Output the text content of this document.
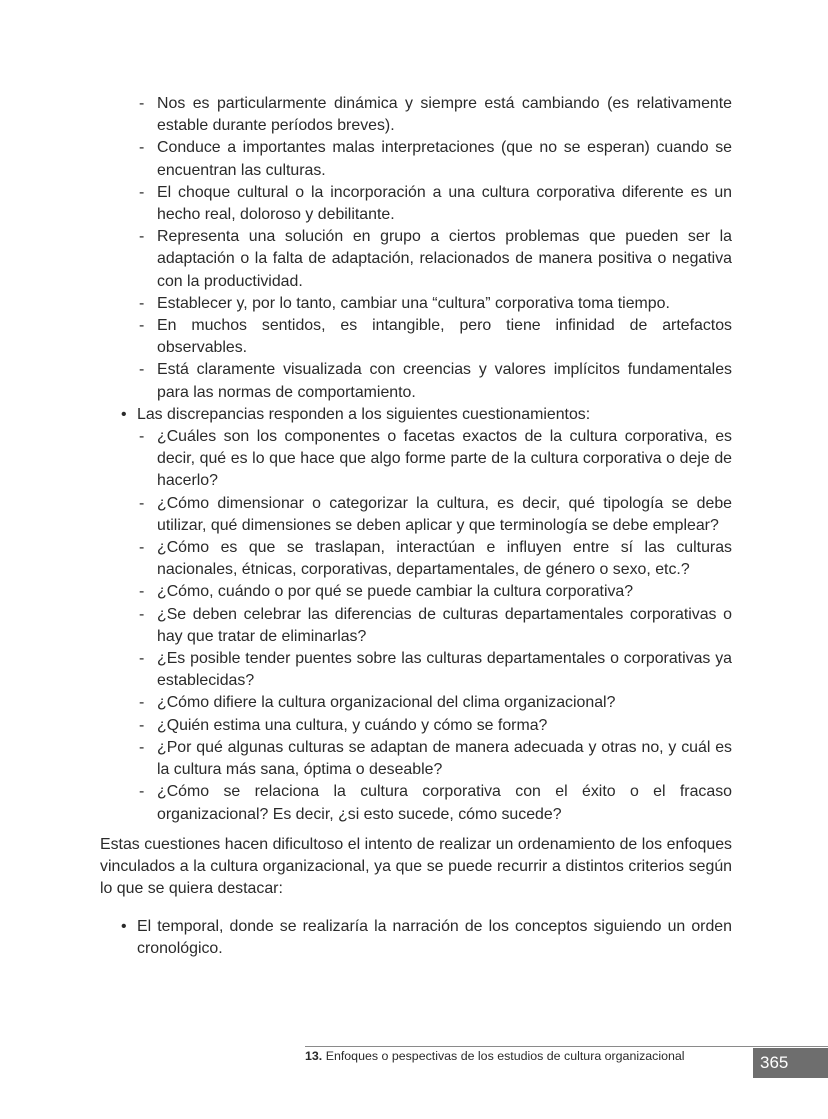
- Nos es particularmente dinámica y siempre está cambiando (es relativamente estable durante períodos breves).
- Conduce a importantes malas interpretaciones (que no se esperan) cuando se encuentran las culturas.
- El choque cultural o la incorporación a una cultura corporativa diferente es un hecho real, doloroso y debilitante.
- Representa una solución en grupo a ciertos problemas que pueden ser la adaptación o la falta de adaptación, relacionados de manera positiva o negativa con la productividad.
- Establecer y, por lo tanto, cambiar una “cultura” corporativa toma tiempo.
- En muchos sentidos, es intangible, pero tiene infinidad de artefactos observables.
- Está claramente visualizada con creencias y valores implícitos fundamentales para las normas de comportamiento.
• Las discrepancias responden a los siguientes cuestionamientos:
- ¿Cuáles son los componentes o facetas exactos de la cultura corporativa, es decir, qué es lo que hace que algo forme parte de la cultura corporativa o deje de hacerlo?
- ¿Cómo dimensionar o categorizar la cultura, es decir, qué tipología se debe utilizar, qué dimensiones se deben aplicar y que terminología se debe emplear?
- ¿Cómo es que se traslapan, interactúan e influyen entre sí las culturas nacionales, étnicas, corporativas, departamentales, de género o sexo, etc.?
- ¿Cómo, cuándo o por qué se puede cambiar la cultura corporativa?
- ¿Se deben celebrar las diferencias de culturas departamentales corporativas o hay que tratar de eliminarlas?
- ¿Es posible tender puentes sobre las culturas departamentales o corporativas ya establecidas?
- ¿Cómo difiere la cultura organizacional del clima organizacional?
- ¿Quién estima una cultura, y cuándo y cómo se forma?
- ¿Por qué algunas culturas se adaptan de manera adecuada y otras no, y cuál es la cultura más sana, óptima o deseable?
- ¿Cómo se relaciona la cultura corporativa con el éxito o el fracaso organizacional? Es decir, ¿si esto sucede, cómo sucede?

Estas cuestiones hacen dificultoso el intento de realizar un ordenamiento de los enfoques vinculados a la cultura organizacional, ya que se puede recurrir a distintos criterios según lo que se quiera destacar:

• El temporal, donde se realizaría la narración de los conceptos siguiendo un orden cronológico.
13. Enfoques o pespectivas de los estudios de cultura organizacional	365
